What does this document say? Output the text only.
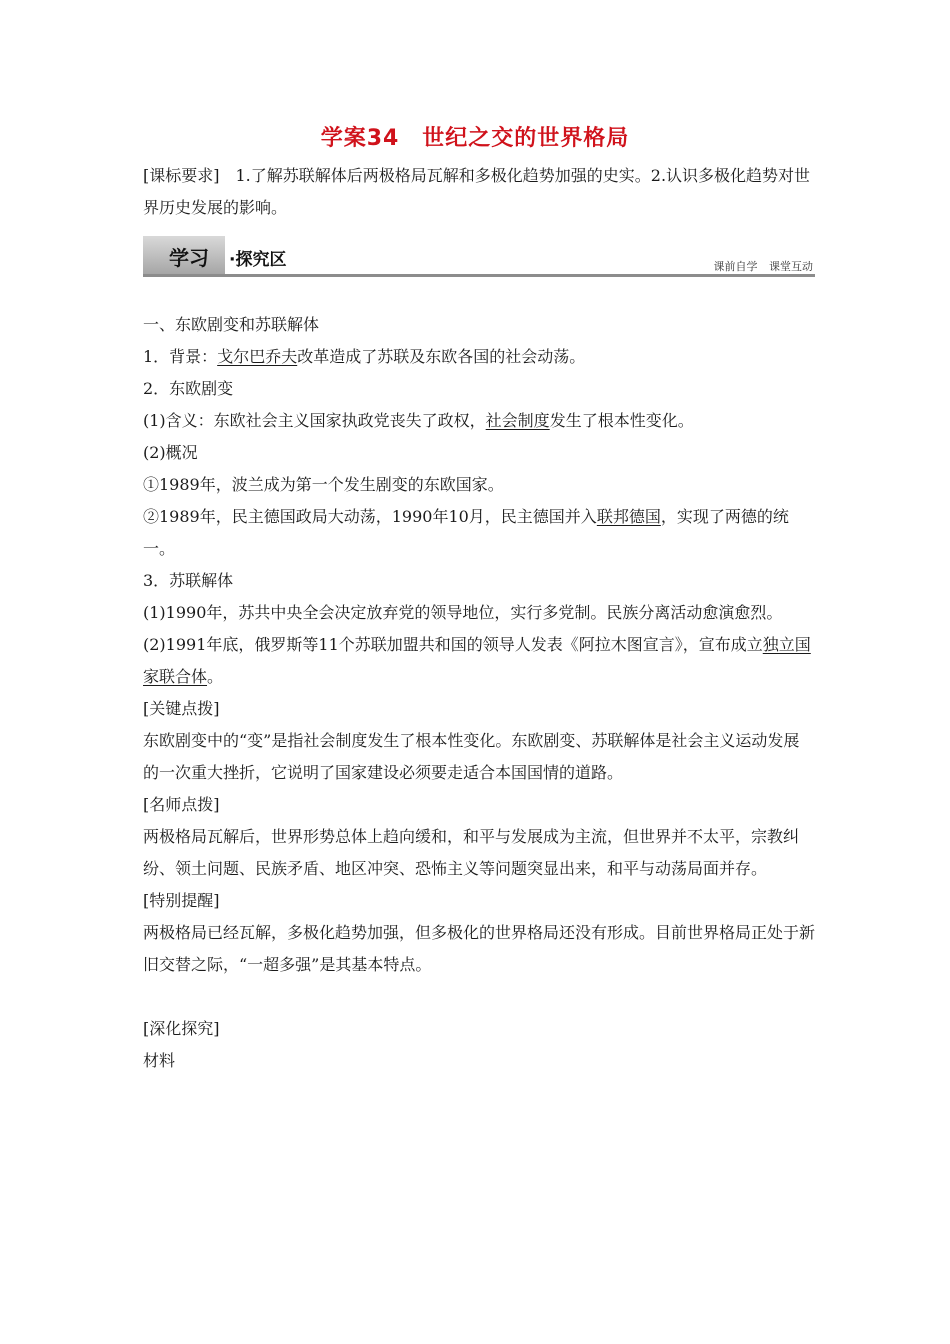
学案34　世纪之交的世界格局
[课标要求]　1.了解苏联解体后两极格局瓦解和多极化趋势加强的史实。2.认识多极化趋势对世界历史发展的影响。
学习 ·探究区	课前自学 课堂互动

一、东欧剧变和苏联解体

1．背景：戈尔巴乔夫改革造成了苏联及东欧各国的社会动荡。

2．东欧剧变

(1)含义：东欧社会主义国家执政党丧失了政权，社会制度发生了根本性变化。

(2)概况

①1989年，波兰成为第一个发生剧变的东欧国家。

②1989年，民主德国政局大动荡，1990年10月，民主德国并入联邦德国，实现了两德的统一。

3．苏联解体

(1)1990年，苏共中央全会决定放弃党的领导地位，实行多党制。民族分离活动愈演愈烈。

(2)1991年底，俄罗斯等11个苏联加盟共和国的领导人发表《阿拉木图宣言》，宣布成立独立国家联合体。

[关键点拨]

东欧剧变中的“变”是指社会制度发生了根本性变化。东欧剧变、苏联解体是社会主义运动发展的一次重大挫折，它说明了国家建设必须要走适合本国国情的道路。

[名师点拨]

两极格局瓦解后，世界形势总体上趋向缓和，和平与发展成为主流，但世界并不太平，宗教纠纷、领土问题、民族矛盾、地区冲突、恐怖主义等问题突显出来，和平与动荡局面并存。

[特别提醒]

两极格局已经瓦解，多极化趋势加强，但多极化的世界格局还没有形成。目前世界格局正处于新旧交替之际，“一超多强”是其基本特点。

[深化探究]

材料
